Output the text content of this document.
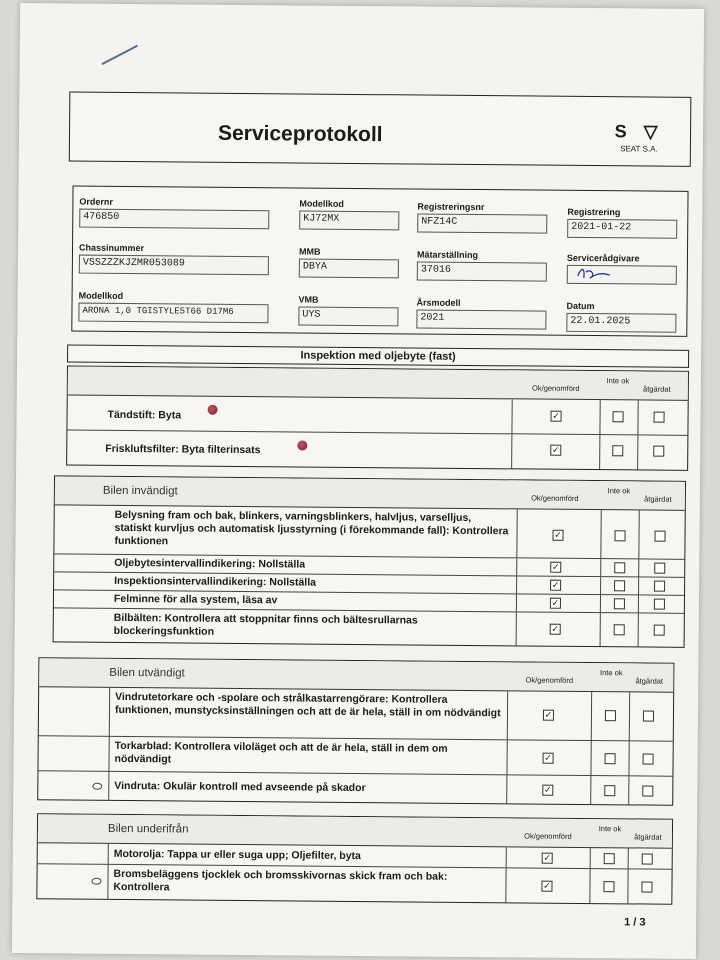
Serviceprotokoll	S ▽
SEAT S.A.
Ordernr
476850
Modellkod
KJ72MX
Registreringsnr
NFZ14C
Registrering
2021-01-22
Chassinummer
VSSZZZKJZMR053089
MMB
DBYA
Mätarställning
37016
Servicerådgivare
Modellkod
ARONA 1,0 TGISTYLE5T66 D17M6
VMB
UYS
Årsmodell
2021
Datum
22.01.2025
Inspektion med oljebyte (fast)
Ok/genomförd
Inte ok
åtgärdat
Tändstift: Byta	✓
Friskluftsfilter: Byta filterinsats	✓
Bilen invändigt
Ok/genomförd
Inte ok
åtgärdat
Belysning fram och bak, blinkers, varningsblinkers, halvljus, varselljus, statiskt kurvljus och automatisk ljusstyrning (i förekommande fall): Kontrollera funktionen
✓
Oljebytesintervallindikering: Nollställa	✓
Inspektionsintervallindikering: Nollställa	✓
Felminne för alla system, läsa av	✓
Bilbälten: Kontrollera att stoppnitar finns och bältesrullarnas blockeringsfunktion	✓
Bilen utvändigt
Ok/genomförd
Inte ok
åtgärdat
Vindrutetorkare och -spolare och strålkastarrengörare: Kontrollera funktionen, munstycksinställningen och att de är hela, ställ in om nödvändigt	✓
Torkarblad: Kontrollera viloläget och att de är hela, ställ in dem om nödvändigt	✓
Vindruta: Okulär kontroll med avseende på skador	✓
Bilen underifrån
Ok/genomförd
Inte ok
åtgärdat
Motorolja: Tappa ur eller suga upp; Oljefilter, byta	✓
Bromsbeläggens tjocklek och bromsskivornas skick fram och bak: Kontrollera	✓
1 / 3
